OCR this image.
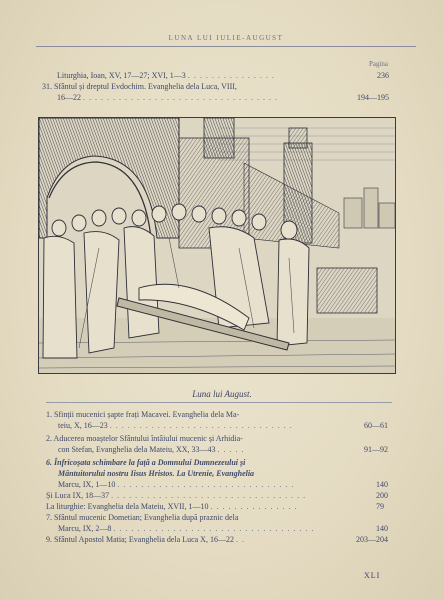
LUNA LUI IULIE-AUGUST
Pagina
Liturghia, Ioan, XV, 17—27; XVI, 1—3 . . . . . . . . . . . . . . .	236
31. Sfântul și dreptul Evdochim. Evanghelia dela Luca, VIII,
16—22 . . . . . . . . . . . . . . . . . . . . . . . . . . . . . . . . .	194—195
Luna lui August.
1. Sfinții mucenici șapte frați Macavei. Evanghelia dela Ma-
teiu, X, 16—23 . . . . . . . . . . . . . . . . . . . . . . . . . . . . . . .	60—61
2. Aducerea moaștelor Sfântului întâiului mucenic și Arhidia-
con Stefan, Evanghelia dela Mateiu, XX, 33—43 . . . . .	91—92
6. Înfricoșata schimbare la față a Domnului Dumnezeului și
Mântuitorului nostru Iisus Hristos. La Utrenie, Evanghelia
Marcu, IX, 1—10 . . . . . . . . . . . . . . . . . . . . . . . . . . . . . .	140
Și Luca IX, 18—37 . . . . . . . . . . . . . . . . . . . . . . . . . . . . . . . . .	200
La liturghie: Evanghelia dela Mateiu, XVII, 1—10 . . . . . . . . . . . . . . .	79
7. Sfântul mucenic Dometian; Evanghelia după praznic dela
Marcu, IX, 2—8 . . . . . . . . . . . . . . . . . . . . . . . . . . . . . . . . . .	140
9. Sfântul Apostol Matia; Evanghelia dela Luca X, 16—22 . .	203—204
XLI
